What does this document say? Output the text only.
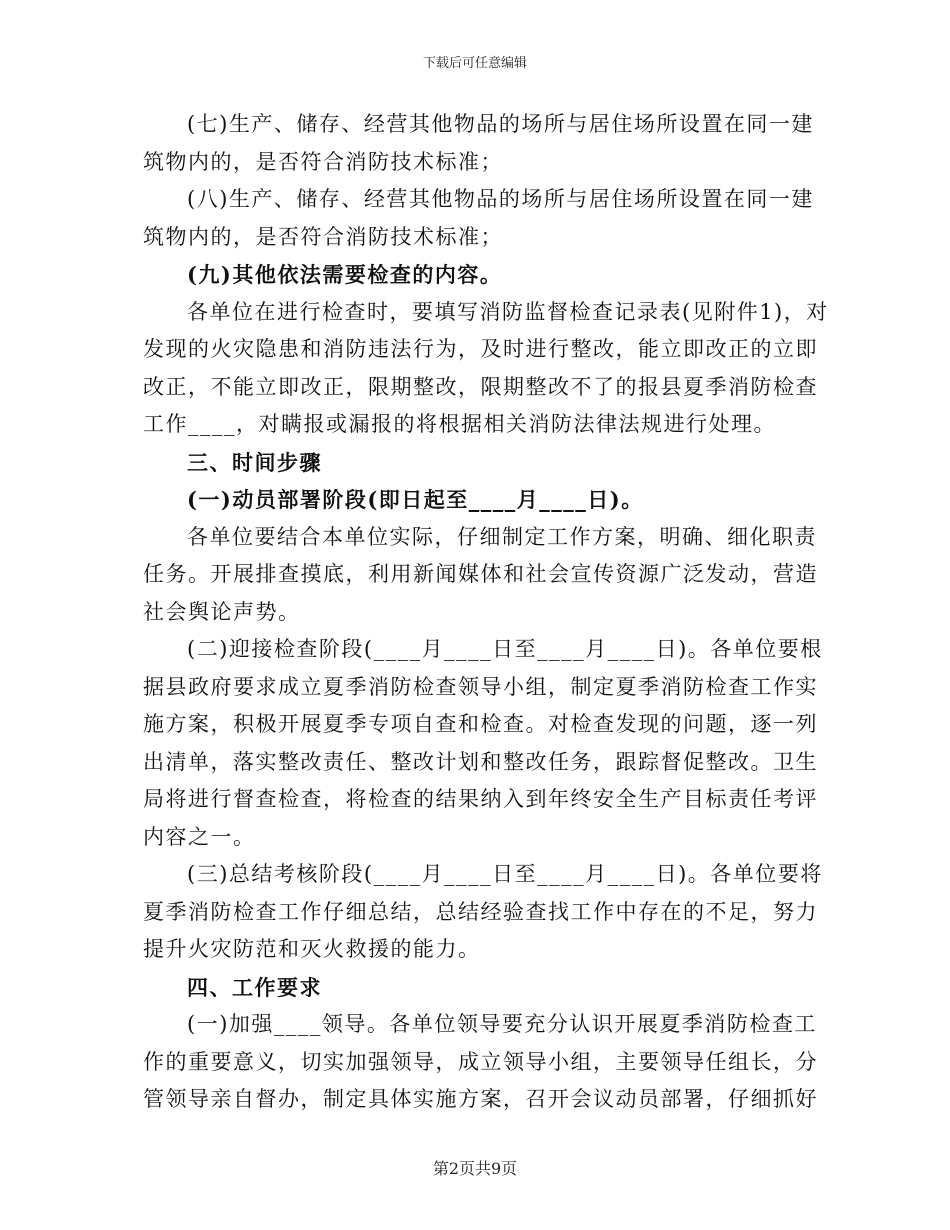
下载后可任意编辑
(七)生产、储存、经营其他物品的场所与居住场所设置在同一建
筑物内的，是否符合消防技术标准；
(八)生产、储存、经营其他物品的场所与居住场所设置在同一建
筑物内的，是否符合消防技术标准；
(九)其他依法需要检查的内容。
各单位在进行检查时，要填写消防监督检查记录表(见附件1)，对
发现的火灾隐患和消防违法行为，及时进行整改，能立即改正的立即
改正，不能立即改正，限期整改，限期整改不了的报县夏季消防检查
工作____，对瞒报或漏报的将根据相关消防法律法规进行处理。
三、时间步骤
(一)动员部署阶段(即日起至____月____日)。
各单位要结合本单位实际，仔细制定工作方案，明确、细化职责
任务。开展排查摸底，利用新闻媒体和社会宣传资源广泛发动，营造
社会舆论声势。
(二)迎接检查阶段(____月____日至____月____日)。各单位要根
据县政府要求成立夏季消防检查领导小组，制定夏季消防检查工作实
施方案，积极开展夏季专项自查和检查。对检查发现的问题，逐一列
出清单，落实整改责任、整改计划和整改任务，跟踪督促整改。卫生
局将进行督查检查，将检查的结果纳入到年终安全生产目标责任考评
内容之一。
(三)总结考核阶段(____月____日至____月____日)。各单位要将
夏季消防检查工作仔细总结，总结经验查找工作中存在的不足，努力
提升火灾防范和灭火救援的能力。
四、工作要求
(一)加强____领导。各单位领导要充分认识开展夏季消防检查工
作的重要意义，切实加强领导，成立领导小组，主要领导任组长，分
管领导亲自督办，制定具体实施方案，召开会议动员部署，仔细抓好
第2页共9页
